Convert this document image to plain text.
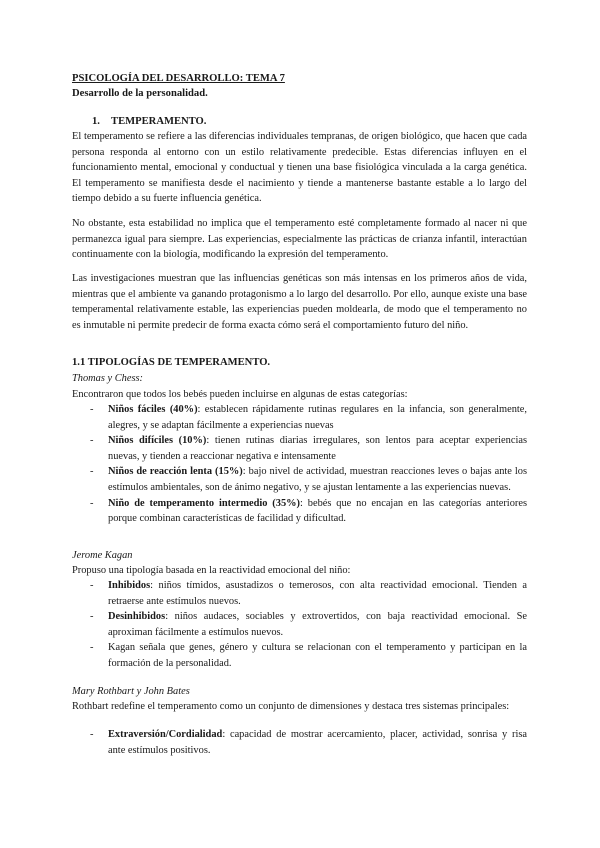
PSICOLOGÍA DEL DESARROLLO: TEMA 7

Desarrollo de la personalidad.

1. TEMPERAMENTO.

El temperamento se refiere a las diferencias individuales tempranas, de origen biológico, que hacen que cada persona responda al entorno con un estilo relativamente predecible. Estas diferencias influyen en el funcionamiento mental, emocional y conductual y tienen una base fisiológica vinculada a la carga genética. El temperamento se manifiesta desde el nacimiento y tiende a mantenerse bastante estable a lo largo del tiempo debido a su fuerte influencia genética.

No obstante, esta estabilidad no implica que el temperamento esté completamente formado al nacer ni que permanezca igual para siempre. Las experiencias, especialmente las prácticas de crianza infantil, interactúan continuamente con la biología, modificando la expresión del temperamento.

Las investigaciones muestran que las influencias genéticas son más intensas en los primeros años de vida, mientras que el ambiente va ganando protagonismo a lo largo del desarrollo. Por ello, aunque existe una base temperamental relativamente estable, las experiencias pueden moldearla, de modo que el temperamento no es inmutable ni permite predecir de forma exacta cómo será el comportamiento futuro del niño.

1.1 TIPOLOGÍAS DE TEMPERAMENTO.

Thomas y Chess:

Encontraron que todos los bebés pueden incluirse en algunas de estas categorías:

- Niños fáciles (40%): establecen rápidamente rutinas regulares en la infancia, son generalmente, alegres, y se adaptan fácilmente a experiencias nuevas
- Niños difíciles (10%): tienen rutinas diarias irregulares, son lentos para aceptar experiencias nuevas, y tienden a reaccionar negativa e intensamente
- Niños de reacción lenta (15%): bajo nivel de actividad, muestran reacciones leves o bajas ante los estímulos ambientales, son de ánimo negativo, y se ajustan lentamente a las experiencias nuevas.
- Niño de temperamento intermedio (35%): bebés que no encajan en las categorías anteriores porque combinan características de facilidad y dificultad.

Jerome Kagan

Propuso una tipología basada en la reactividad emocional del niño:

- Inhibidos: niños tímidos, asustadizos o temerosos, con alta reactividad emocional. Tienden a retraerse ante estímulos nuevos.
- Desinhibidos: niños audaces, sociables y extrovertidos, con baja reactividad emocional. Se aproximan fácilmente a estímulos nuevos.
- Kagan señala que genes, género y cultura se relacionan con el temperamento y participan en la formación de la personalidad.

Mary Rothbart y John Bates

Rothbart redefine el temperamento como un conjunto de dimensiones y destaca tres sistemas principales:

- Extraversión/Cordialidad: capacidad de mostrar acercamiento, placer, actividad, sonrisa y risa ante estímulos positivos.
